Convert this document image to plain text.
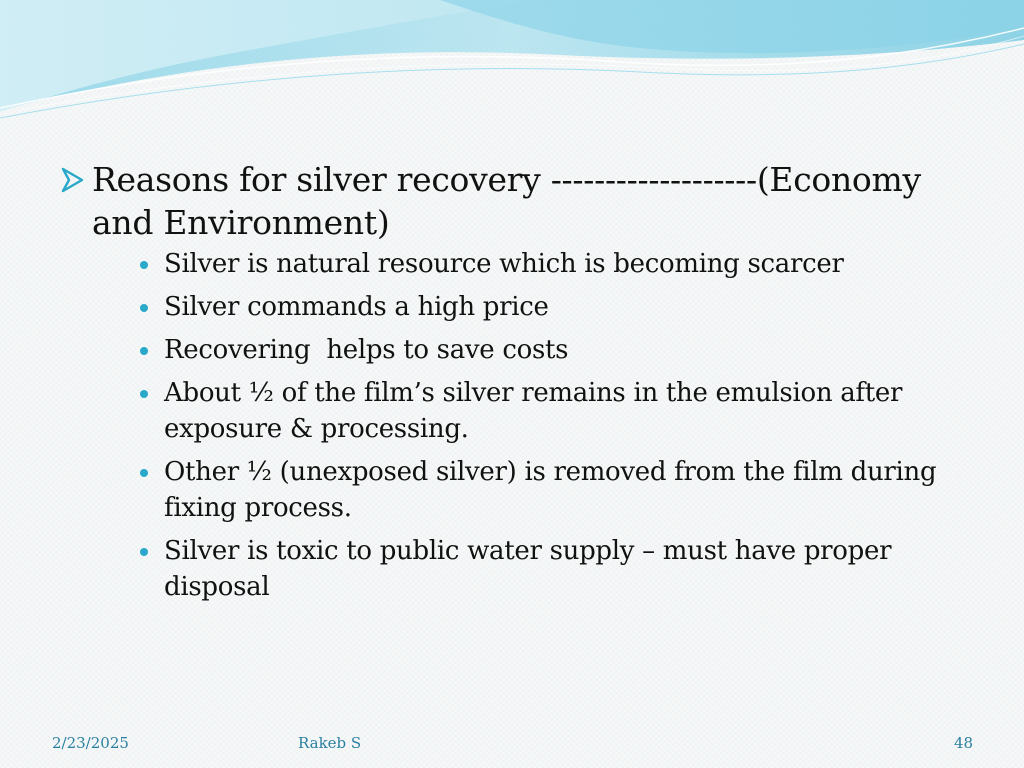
Reasons for silver recovery -------------------(Economy and Environment)
Silver is natural resource which is becoming scarcer
Silver commands a high price
Recovering  helps to save costs
About ½ of the film’s silver remains in the emulsion after exposure & processing.
Other ½ (unexposed silver) is removed from the film during fixing process.
Silver is toxic to public water supply – must have proper disposal
2/23/2025	Rakeb S	48
